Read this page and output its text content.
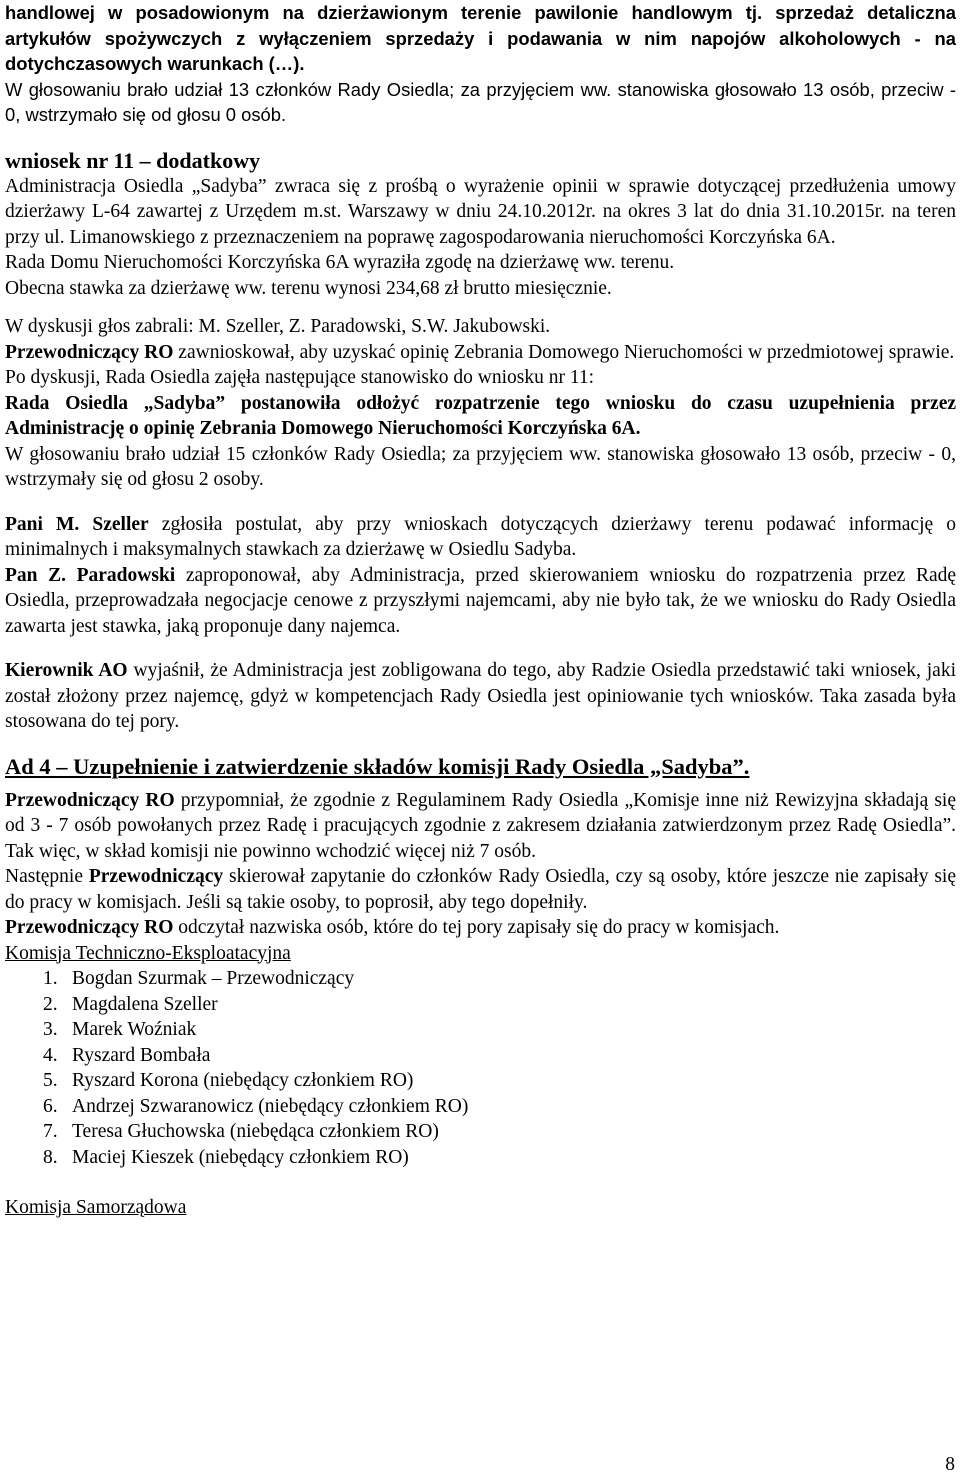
handlowej w posadowionym na dzierżawionym terenie pawilonie handlowym tj. sprzedaż detaliczna artykułów spożywczych z wyłączeniem sprzedaży i podawania w nim napojów alkoholowych - na dotychczasowych warunkach (…).

W głosowaniu brało udział 13 członków Rady Osiedla; za przyjęciem ww. stanowiska głosowało 13 osób, przeciw - 0, wstrzymało się od głosu 0 osób.

wniosek nr 11 – dodatkowy

Administracja Osiedla „Sadyba” zwraca się z prośbą o wyrażenie opinii w sprawie dotyczącej przedłużenia umowy dzierżawy L-64 zawartej z Urzędem m.st. Warszawy w dniu 24.10.2012r. na okres 3 lat do dnia 31.10.2015r. na teren przy ul. Limanowskiego z przeznaczeniem na poprawę zagospodarowania nieruchomości Korczyńska 6A.

Rada Domu Nieruchomości Korczyńska 6A wyraziła zgodę na dzierżawę ww. terenu.

Obecna stawka za dzierżawę ww. terenu wynosi 234,68 zł brutto miesięcznie.

W dyskusji głos zabrali: M. Szeller, Z. Paradowski, S.W. Jakubowski.

Przewodniczący RO zawnioskował, aby uzyskać opinię Zebrania Domowego Nieruchomości w przedmiotowej sprawie.

Po dyskusji, Rada Osiedla zajęła następujące stanowisko do wniosku nr 11:

Rada Osiedla „Sadyba” postanowiła odłożyć rozpatrzenie tego wniosku do czasu uzupełnienia przez Administrację o opinię Zebrania Domowego Nieruchomości Korczyńska 6A.

W głosowaniu brało udział 15 członków Rady Osiedla; za przyjęciem ww. stanowiska głosowało 13 osób, przeciw - 0, wstrzymały się od głosu 2 osoby.

Pani M. Szeller zgłosiła postulat, aby przy wnioskach dotyczących dzierżawy terenu podawać informację o minimalnych i maksymalnych stawkach za dzierżawę w Osiedlu Sadyba.

Pan Z. Paradowski zaproponował, aby Administracja, przed skierowaniem wniosku do rozpatrzenia przez Radę Osiedla, przeprowadzała negocjacje cenowe z przyszłymi najemcami, aby nie było tak, że we wniosku do Rady Osiedla zawarta jest stawka, jaką proponuje dany najemca.

Kierownik AO wyjaśnił, że Administracja jest zobligowana do tego, aby Radzie Osiedla przedstawić taki wniosek, jaki został złożony przez najemcę, gdyż w kompetencjach Rady Osiedla jest opiniowanie tych wniosków. Taka zasada była stosowana do tej pory.

Ad 4 – Uzupełnienie i zatwierdzenie składów komisji Rady Osiedla „Sadyba”.

Przewodniczący RO przypomniał, że zgodnie z Regulaminem Rady Osiedla „Komisje inne niż Rewizyjna składają się od 3 - 7 osób powołanych przez Radę i pracujących zgodnie z zakresem działania zatwierdzonym przez Radę Osiedla”. Tak więc, w skład komisji nie powinno wchodzić więcej niż 7 osób.

Następnie Przewodniczący skierował zapytanie do członków Rady Osiedla, czy są osoby, które jeszcze nie zapisały się do pracy w komisjach. Jeśli są takie osoby, to poprosił, aby tego dopełniły.

Przewodniczący RO odczytał nazwiska osób, które do tej pory zapisały się do pracy w komisjach.

Komisja Techniczno-Eksploatacyjna

1. Bogdan Szurmak – Przewodniczący
2. Magdalena Szeller
3. Marek Woźniak
4. Ryszard Bombała
5. Ryszard Korona (niebędący członkiem RO)
6. Andrzej Szwaranowicz (niebędący członkiem RO)
7. Teresa Głuchowska (niebędąca członkiem RO)
8. Maciej Kieszek (niebędący członkiem RO)

Komisja Samorządowa

8
